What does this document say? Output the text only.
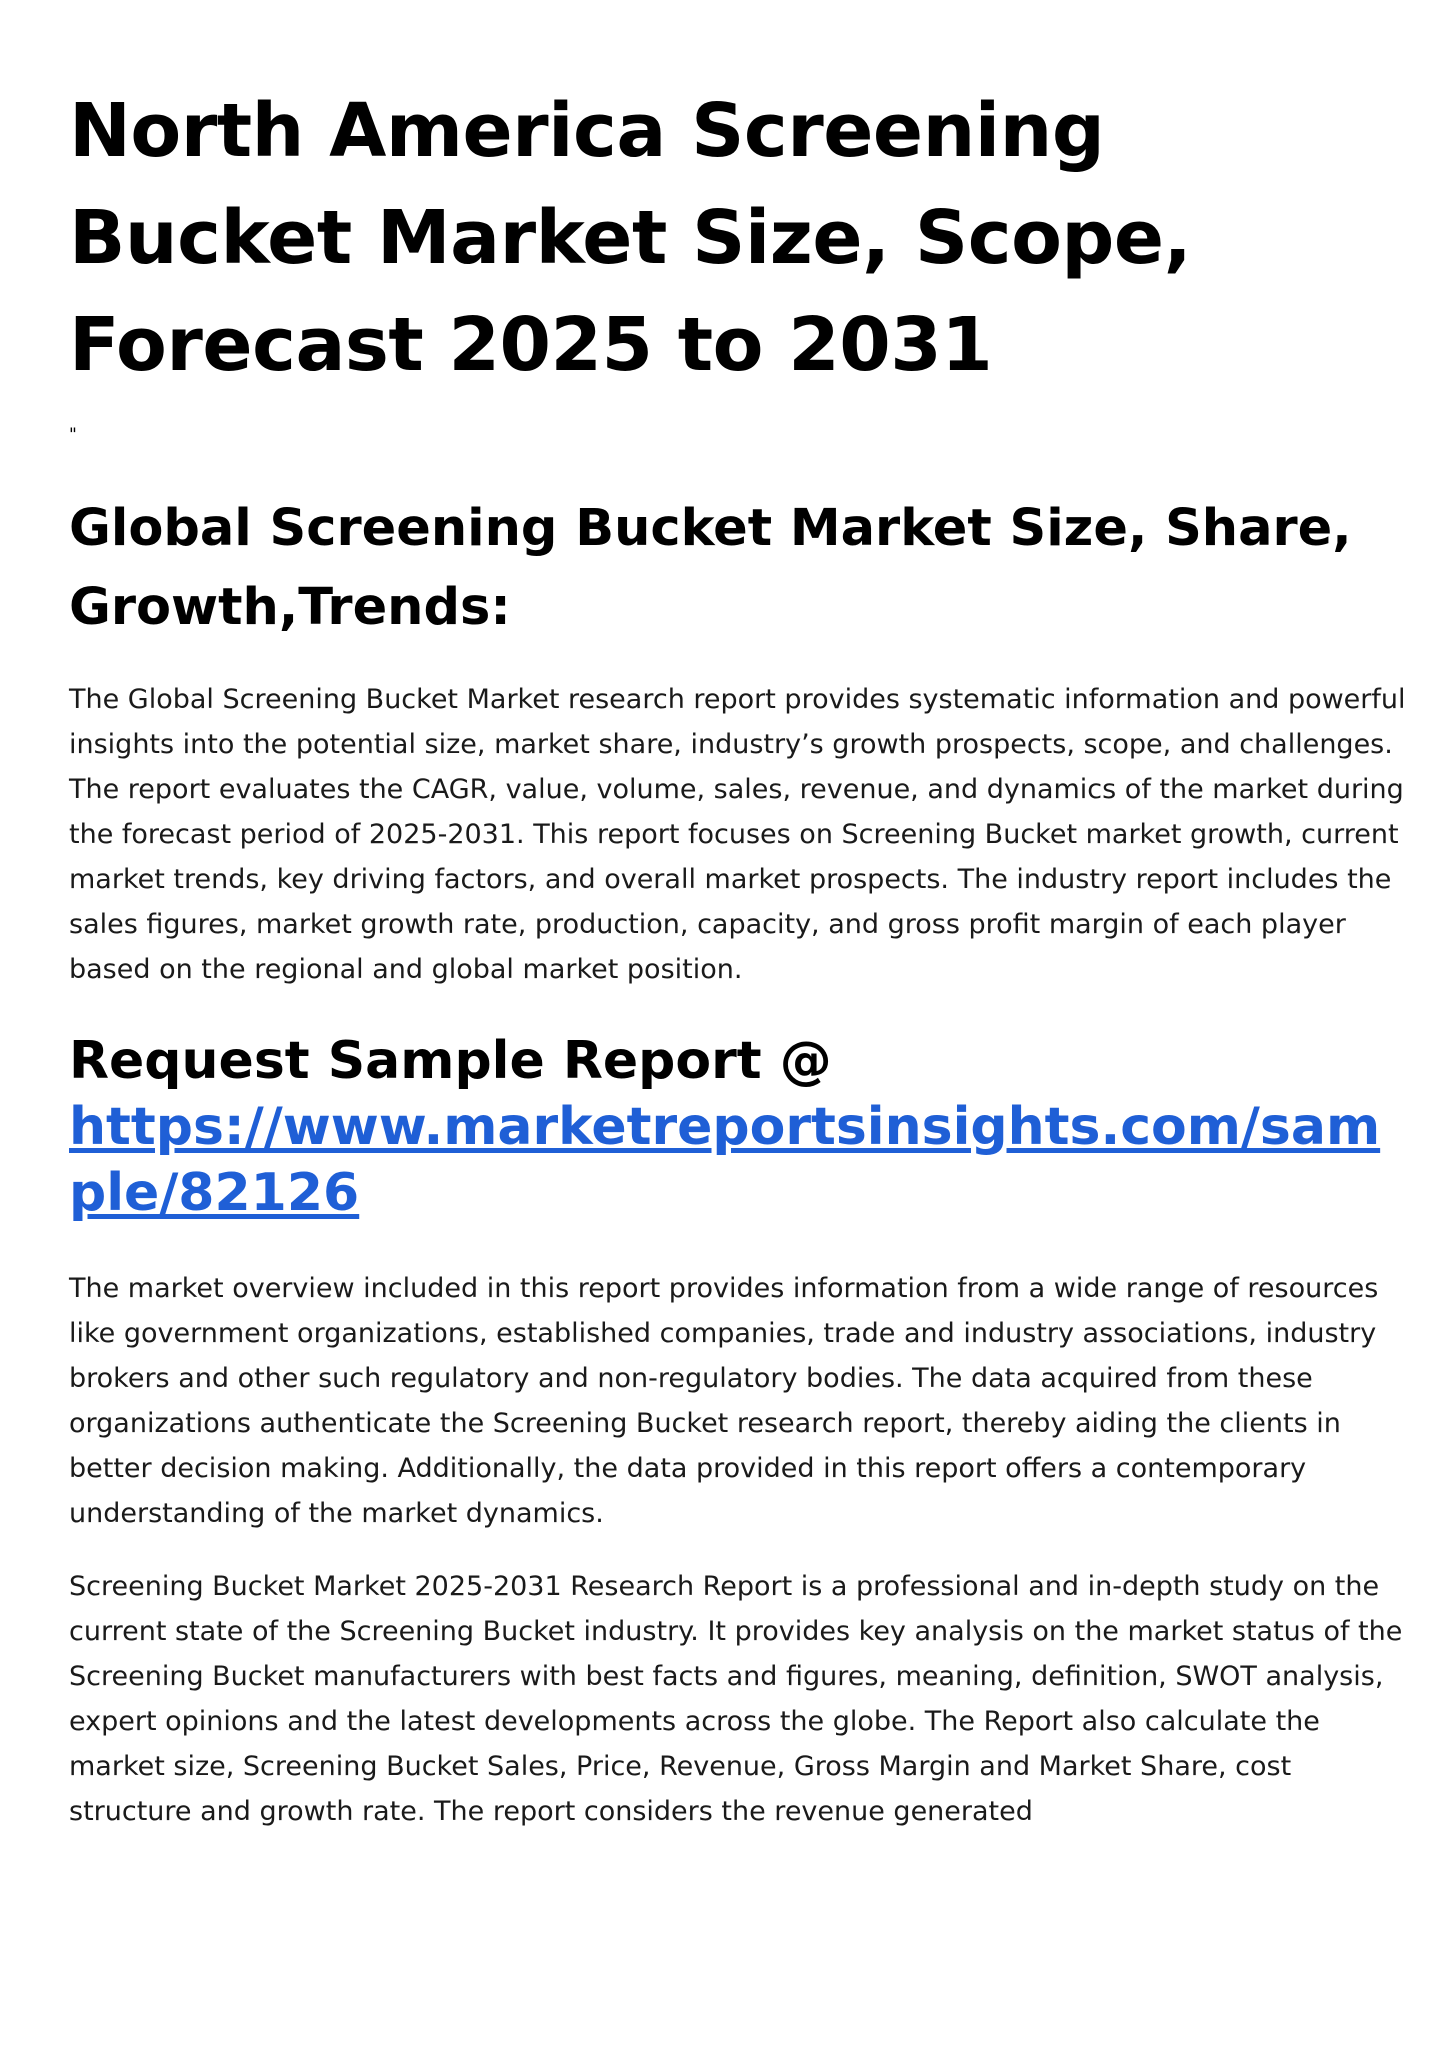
North America Screening Bucket Market Size, Scope, Forecast 2025 to 2031

"

Global Screening Bucket Market Size, Share, Growth,Trends:

The Global Screening Bucket Market research report provides systematic information and powerful insights into the potential size, market share, industry’s growth prospects, scope, and challenges. The report evaluates the CAGR, value, volume, sales, revenue, and dynamics of the market during the forecast period of 2025-2031. This report focuses on Screening Bucket market growth, current market trends, key driving factors, and overall market prospects. The industry report includes the sales figures, market growth rate, production, capacity, and gross profit margin of each player based on the regional and global market position.

Request Sample Report @
https://www.marketreportsinsights.com/sample/82126

The market overview included in this report provides information from a wide range of resources like government organizations, established companies, trade and industry associations, industry brokers and other such regulatory and non-regulatory bodies. The data acquired from these organizations authenticate the Screening Bucket research report, thereby aiding the clients in better decision making. Additionally, the data provided in this report offers a contemporary understanding of the market dynamics.

Screening Bucket Market 2025-2031 Research Report is a professional and in-depth study on the current state of the Screening Bucket industry. It provides key analysis on the market status of the Screening Bucket manufacturers with best facts and figures, meaning, definition, SWOT analysis, expert opinions and the latest developments across the globe. The Report also calculate the market size, Screening Bucket Sales, Price, Revenue, Gross Margin and Market Share, cost structure and growth rate. The report considers the revenue generated
